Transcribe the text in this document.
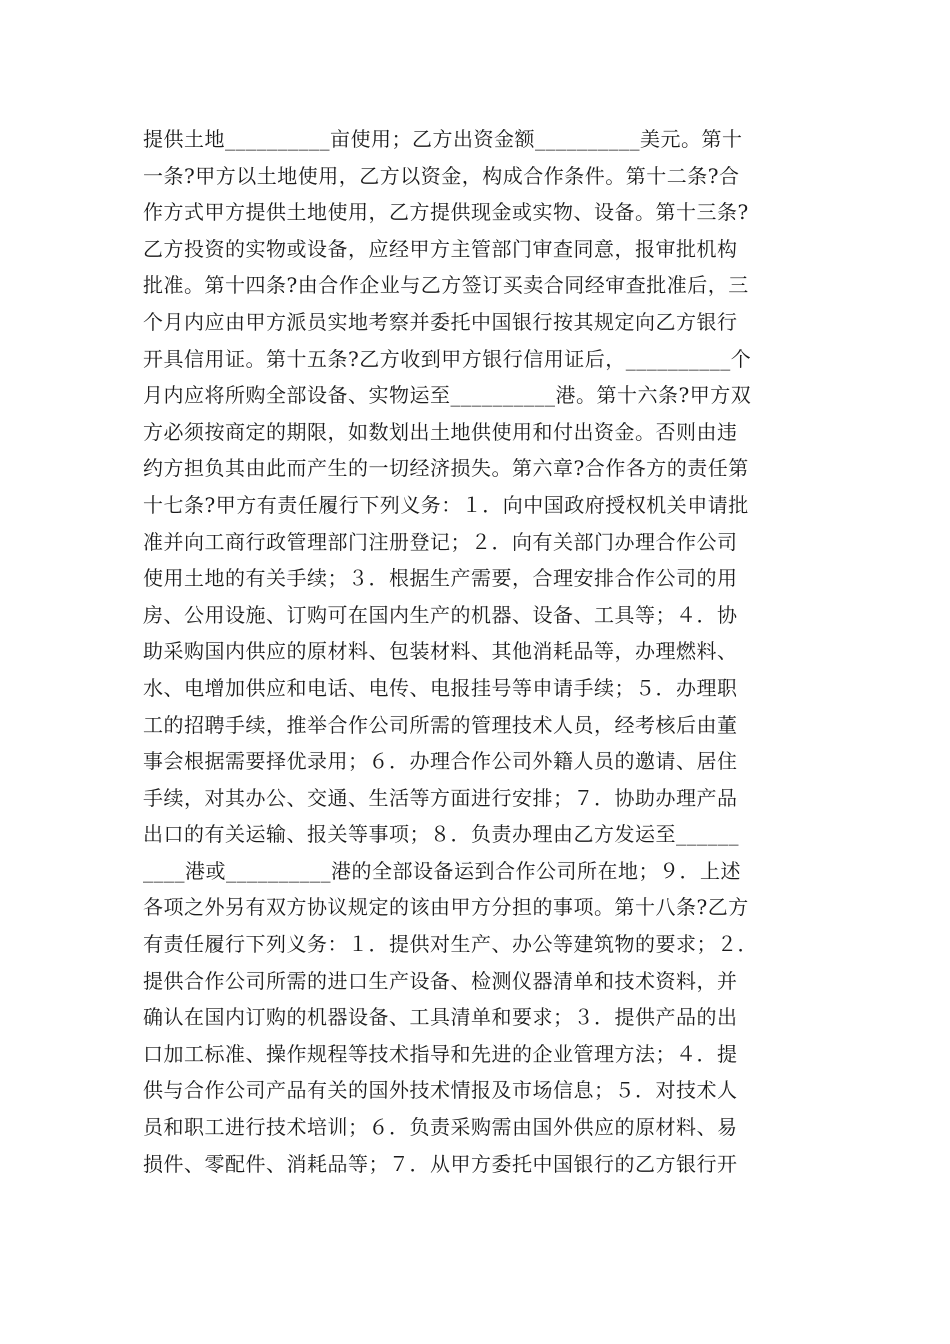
提供土地__________亩使用；乙方出资金额__________美元。第十
一条?甲方以土地使用，乙方以资金，构成合作条件。第十二条?合
作方式甲方提供土地使用，乙方提供现金或实物、设备。第十三条?
乙方投资的实物或设备，应经甲方主管部门审查同意，报审批机构
批准。第十四条?由合作企业与乙方签订买卖合同经审查批准后，三
个月内应由甲方派员实地考察并委托中国银行按其规定向乙方银行
开具信用证。第十五条?乙方收到甲方银行信用证后，__________个
月内应将所购全部设备、实物运至__________港。第十六条?甲方双
方必须按商定的期限，如数划出土地供使用和付出资金。否则由违
约方担负其由此而产生的一切经济损失。第六章?合作各方的责任第
十七条?甲方有责任履行下列义务：１．向中国政府授权机关申请批
准并向工商行政管理部门注册登记；２．向有关部门办理合作公司
使用土地的有关手续；３．根据生产需要，合理安排合作公司的用
房、公用设施、订购可在国内生产的机器、设备、工具等；４．协
助采购国内供应的原材料、包装材料、其他消耗品等，办理燃料、
水、电增加供应和电话、电传、电报挂号等申请手续；５．办理职
工的招聘手续，推举合作公司所需的管理技术人员，经考核后由董
事会根据需要择优录用；６．办理合作公司外籍人员的邀请、居住
手续，对其办公、交通、生活等方面进行安排；７．协助办理产品
出口的有关运输、报关等事项；８．负责办理由乙方发运至______
____港或__________港的全部设备运到合作公司所在地；９．上述
各项之外另有双方协议规定的该由甲方分担的事项。第十八条?乙方
有责任履行下列义务：１．提供对生产、办公等建筑物的要求；２．
提供合作公司所需的进口生产设备、检测仪器清单和技术资料，并
确认在国内订购的机器设备、工具清单和要求；３．提供产品的出
口加工标准、操作规程等技术指导和先进的企业管理方法；４．提
供与合作公司产品有关的国外技术情报及市场信息；５．对技术人
员和职工进行技术培训；６．负责采购需由国外供应的原材料、易
损件、零配件、消耗品等；７．从甲方委托中国银行的乙方银行开
